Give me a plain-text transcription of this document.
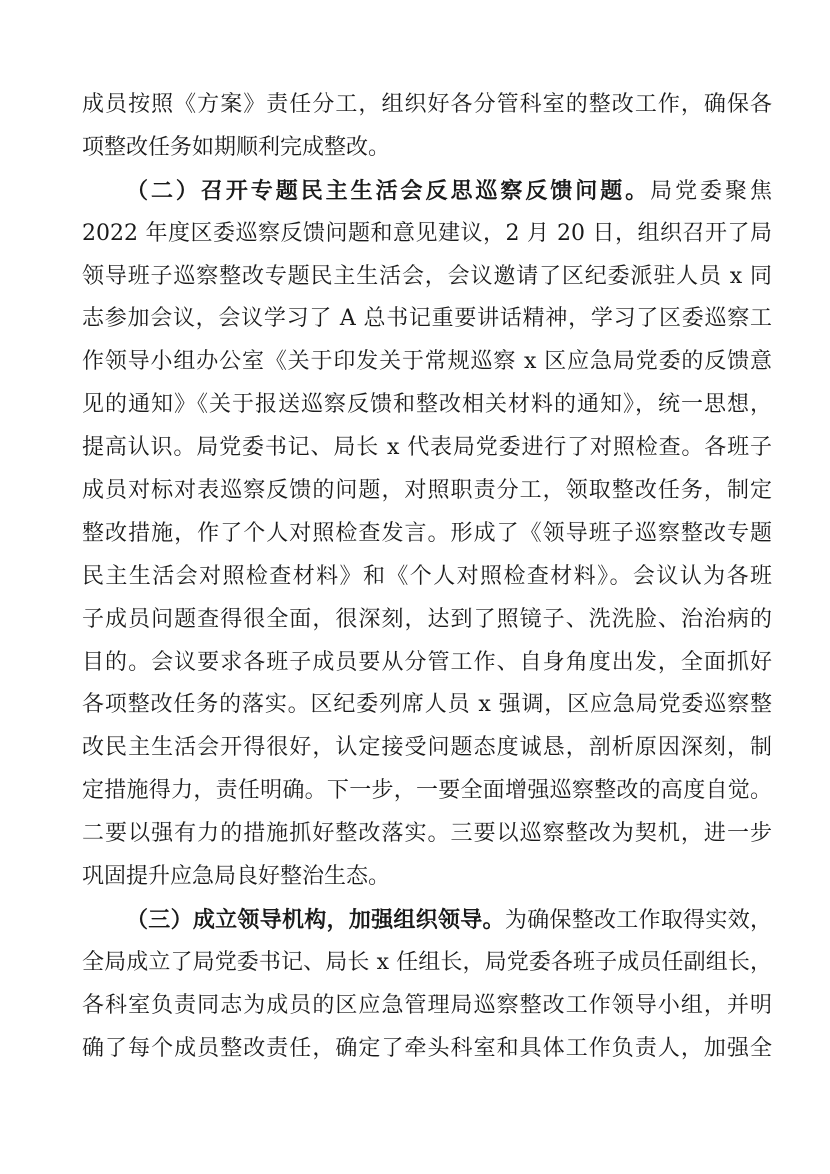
成员按照《方案》责任分工，组织好各分管科室的整改工作，确保各
项整改任务如期顺利完成整改。
（二）召开专题民主生活会反思巡察反馈问题。局党委聚焦
2022 年度区委巡察反馈问题和意见建议，2 月 20 日，组织召开了局
领导班子巡察整改专题民主生活会，会议邀请了区纪委派驻人员 x 同
志参加会议，会议学习了 A 总书记重要讲话精神，学习了区委巡察工
作领导小组办公室《关于印发关于常规巡察 x 区应急局党委的反馈意
见的通知》《关于报送巡察反馈和整改相关材料的通知》，统一思想，
提高认识。局党委书记、局长 x 代表局党委进行了对照检查。各班子
成员对标对表巡察反馈的问题，对照职责分工，领取整改任务，制定
整改措施，作了个人对照检查发言。形成了《领导班子巡察整改专题
民主生活会对照检查材料》和《个人对照检查材料》。会议认为各班
子成员问题查得很全面，很深刻，达到了照镜子、洗洗脸、治治病的
目的。会议要求各班子成员要从分管工作、自身角度出发，全面抓好
各项整改任务的落实。区纪委列席人员 x 强调，区应急局党委巡察整
改民主生活会开得很好，认定接受问题态度诚恳，剖析原因深刻，制
定措施得力，责任明确。下一步，一要全面增强巡察整改的高度自觉。
二要以强有力的措施抓好整改落实。三要以巡察整改为契机，进一步
巩固提升应急局良好整治生态。
（三）成立领导机构，加强组织领导。为确保整改工作取得实效，
全局成立了局党委书记、局长 x 任组长，局党委各班子成员任副组长，
各科室负责同志为成员的区应急管理局巡察整改工作领导小组，并明
确了每个成员整改责任，确定了牵头科室和具体工作负责人，加强全
